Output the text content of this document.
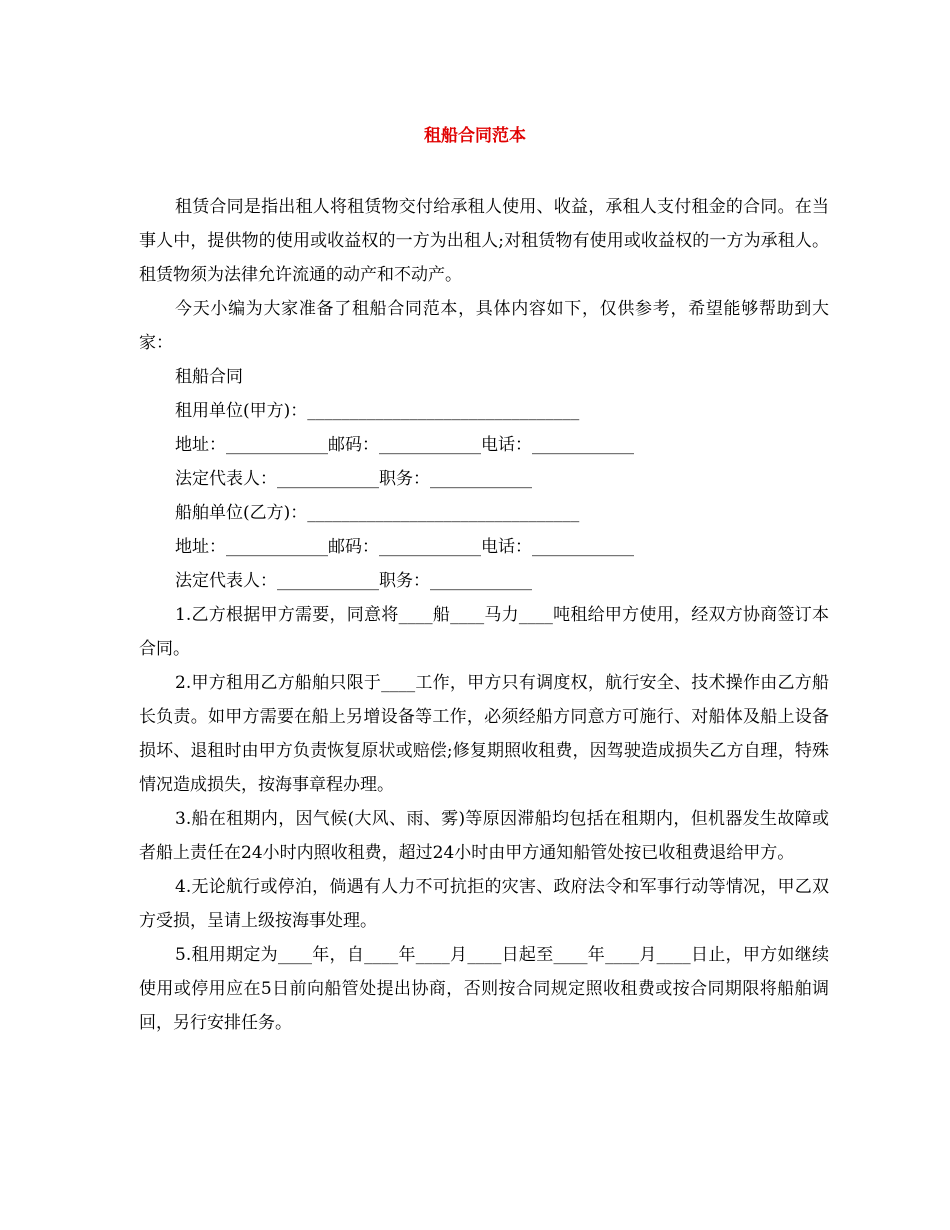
租船合同范本

租赁合同是指出租人将租赁物交付给承租人使用、收益，承租人支付租金的合同。在当事人中，提供物的使用或收益权的一方为出租人;对租赁物有使用或收益权的一方为承租人。租赁物须为法律允许流通的动产和不动产。

今天小编为大家准备了租船合同范本，具体内容如下，仅供参考，希望能够帮助到大家：

租船合同

租用单位(甲方)：________________________________

地址：____________邮码：____________电话：____________

法定代表人：____________职务：____________

船舶单位(乙方)：________________________________

地址：____________邮码：____________电话：____________

法定代表人：____________职务：____________

1.乙方根据甲方需要，同意将____船____马力____吨租给甲方使用，经双方协商签订本合同。

2.甲方租用乙方船舶只限于____工作，甲方只有调度权，航行安全、技术操作由乙方船长负责。如甲方需要在船上另增设备等工作，必须经船方同意方可施行、对船体及船上设备损坏、退租时由甲方负责恢复原状或赔偿;修复期照收租费，因驾驶造成损失乙方自理，特殊情况造成损失，按海事章程办理。

3.船在租期内，因气候(大风、雨、雾)等原因滞船均包括在租期内，但机器发生故障或者船上责任在24小时内照收租费，超过24小时由甲方通知船管处按已收租费退给甲方。

4.无论航行或停泊，倘遇有人力不可抗拒的灾害、政府法令和军事行动等情况，甲乙双方受损，呈请上级按海事处理。

5.租用期定为____年，自____年____月____日起至____年____月____日止，甲方如继续使用或停用应在5日前向船管处提出协商，否则按合同规定照收租费或按合同期限将船舶调回，另行安排任务。
